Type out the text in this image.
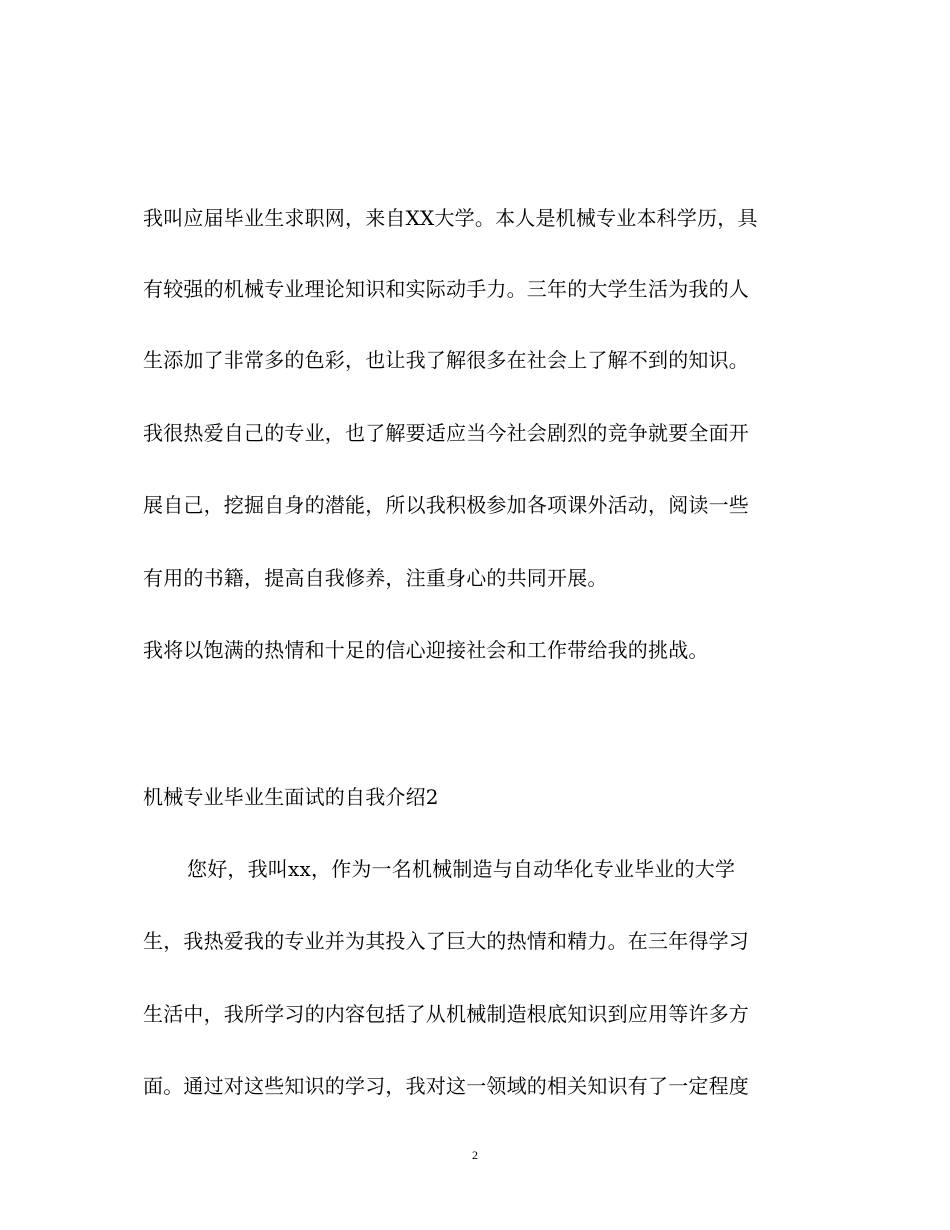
我叫应届毕业生求职网，来自XX大学。本人是机械专业本科学历，具
有较强的机械专业理论知识和实际动手力。三年的大学生活为我的人
生添加了非常多的色彩，也让我了解很多在社会上了解不到的知识。
我很热爱自己的专业，也了解要适应当今社会剧烈的竞争就要全面开
展自己，挖掘自身的潜能，所以我积极参加各项课外活动，阅读一些
有用的书籍，提高自我修养，注重身心的共同开展。
我将以饱满的热情和十足的信心迎接社会和工作带给我的挑战。
机械专业毕业生面试的自我介绍2
您好，我叫xx，作为一名机械制造与自动华化专业毕业的大学
生，我热爱我的专业并为其投入了巨大的热情和精力。在三年得学习
生活中，我所学习的内容包括了从机械制造根底知识到应用等许多方
面。通过对这些知识的学习，我对这一领域的相关知识有了一定程度
2
